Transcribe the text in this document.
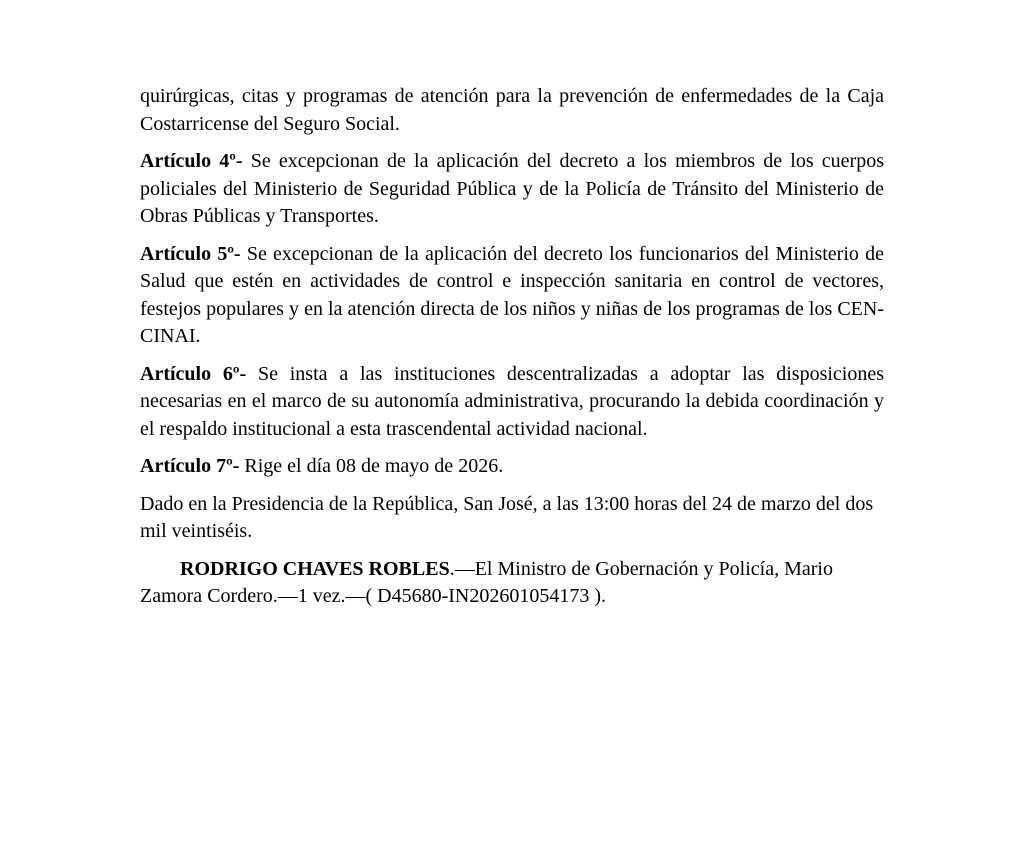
quirúrgicas, citas y programas de atención para la prevención de enfermedades de la Caja Costarricense del Seguro Social.

Artículo 4º- Se excepcionan de la aplicación del decreto a los miembros de los cuerpos policiales del Ministerio de Seguridad Pública y de la Policía de Tránsito del Ministerio de Obras Públicas y Transportes.

Artículo 5º- Se excepcionan de la aplicación del decreto los funcionarios del Ministerio de Salud que estén en actividades de control e inspección sanitaria en control de vectores, festejos populares y en la atención directa de los niños y niñas de los programas de los CEN-CINAI.

Artículo 6º- Se insta a las instituciones descentralizadas a adoptar las disposiciones necesarias en el marco de su autonomía administrativa, procurando la debida coordinación y el respaldo institucional a esta trascendental actividad nacional.

Artículo 7º- Rige el día 08 de mayo de 2026.

Dado en la Presidencia de la República, San José, a las 13:00 horas del 24 de marzo del dos mil veintiséis.

RODRIGO CHAVES ROBLES.—El Ministro de Gobernación y Policía, Mario Zamora Cordero.—1 vez.—( D45680-IN202601054173 ).
